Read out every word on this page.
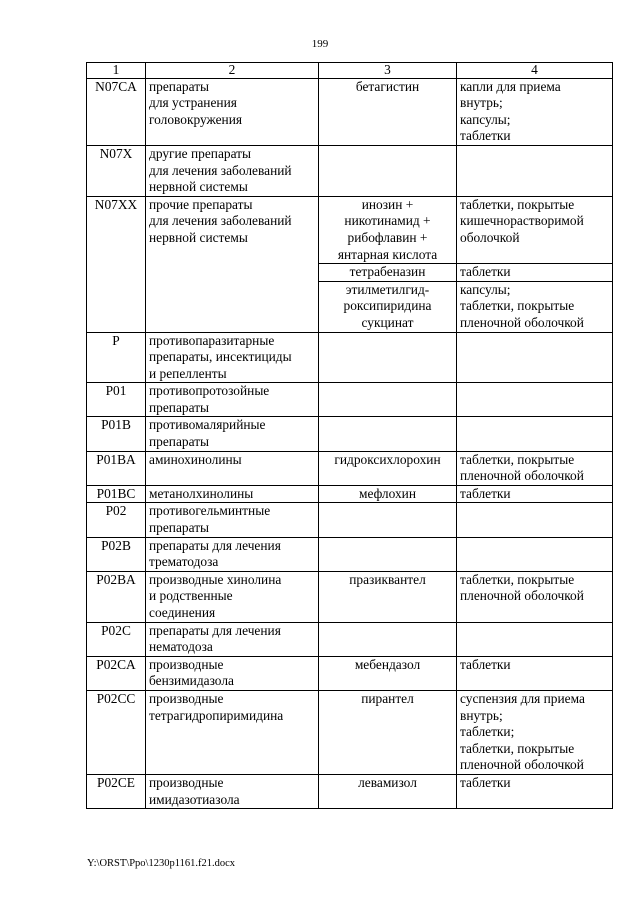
199
1	2	3	4
N07CA	препараты
для устранения
головокружения	бетагистин	капли для приема
внутрь;
капсулы;
таблетки
N07X	другие препараты
для лечения заболеваний
нервной системы		
N07XX	прочие препараты
для лечения заболеваний
нервной системы	инозин +
никотинамид +
рибофлавин +
янтарная кислота	таблетки, покрытые
кишечнорастворимой
оболочкой
		тетрабеназин	таблетки
		этилметилгид-
роксипиридина
сукцинат	капсулы;
таблетки, покрытые
пленочной оболочкой
P	противопаразитарные
препараты, инсектициды
и репелленты		
P01	противопротозойные
препараты		
P01B	противомалярийные
препараты		
P01BA	аминохинолины	гидроксихлорохин	таблетки, покрытые
пленочной оболочкой
P01BC	метанолхинолины	мефлохин	таблетки
P02	противогельминтные
препараты		
P02B	препараты для лечения
трематодоза		
P02BA	производные хинолина
и родственные
соединения	празиквантел	таблетки, покрытые
пленочной оболочкой
P02C	препараты для лечения
нематодоза		
P02CA	производные
бензимидазола	мебендазол	таблетки
P02CC	производные
тетрагидропиримидина	пирантел	суспензия для приема
внутрь;
таблетки;
таблетки, покрытые
пленочной оболочкой
P02CE	производные
имидазотиазола	левамизол	таблетки
Y:\ORST\Ppo\1230p1161.f21.docx
